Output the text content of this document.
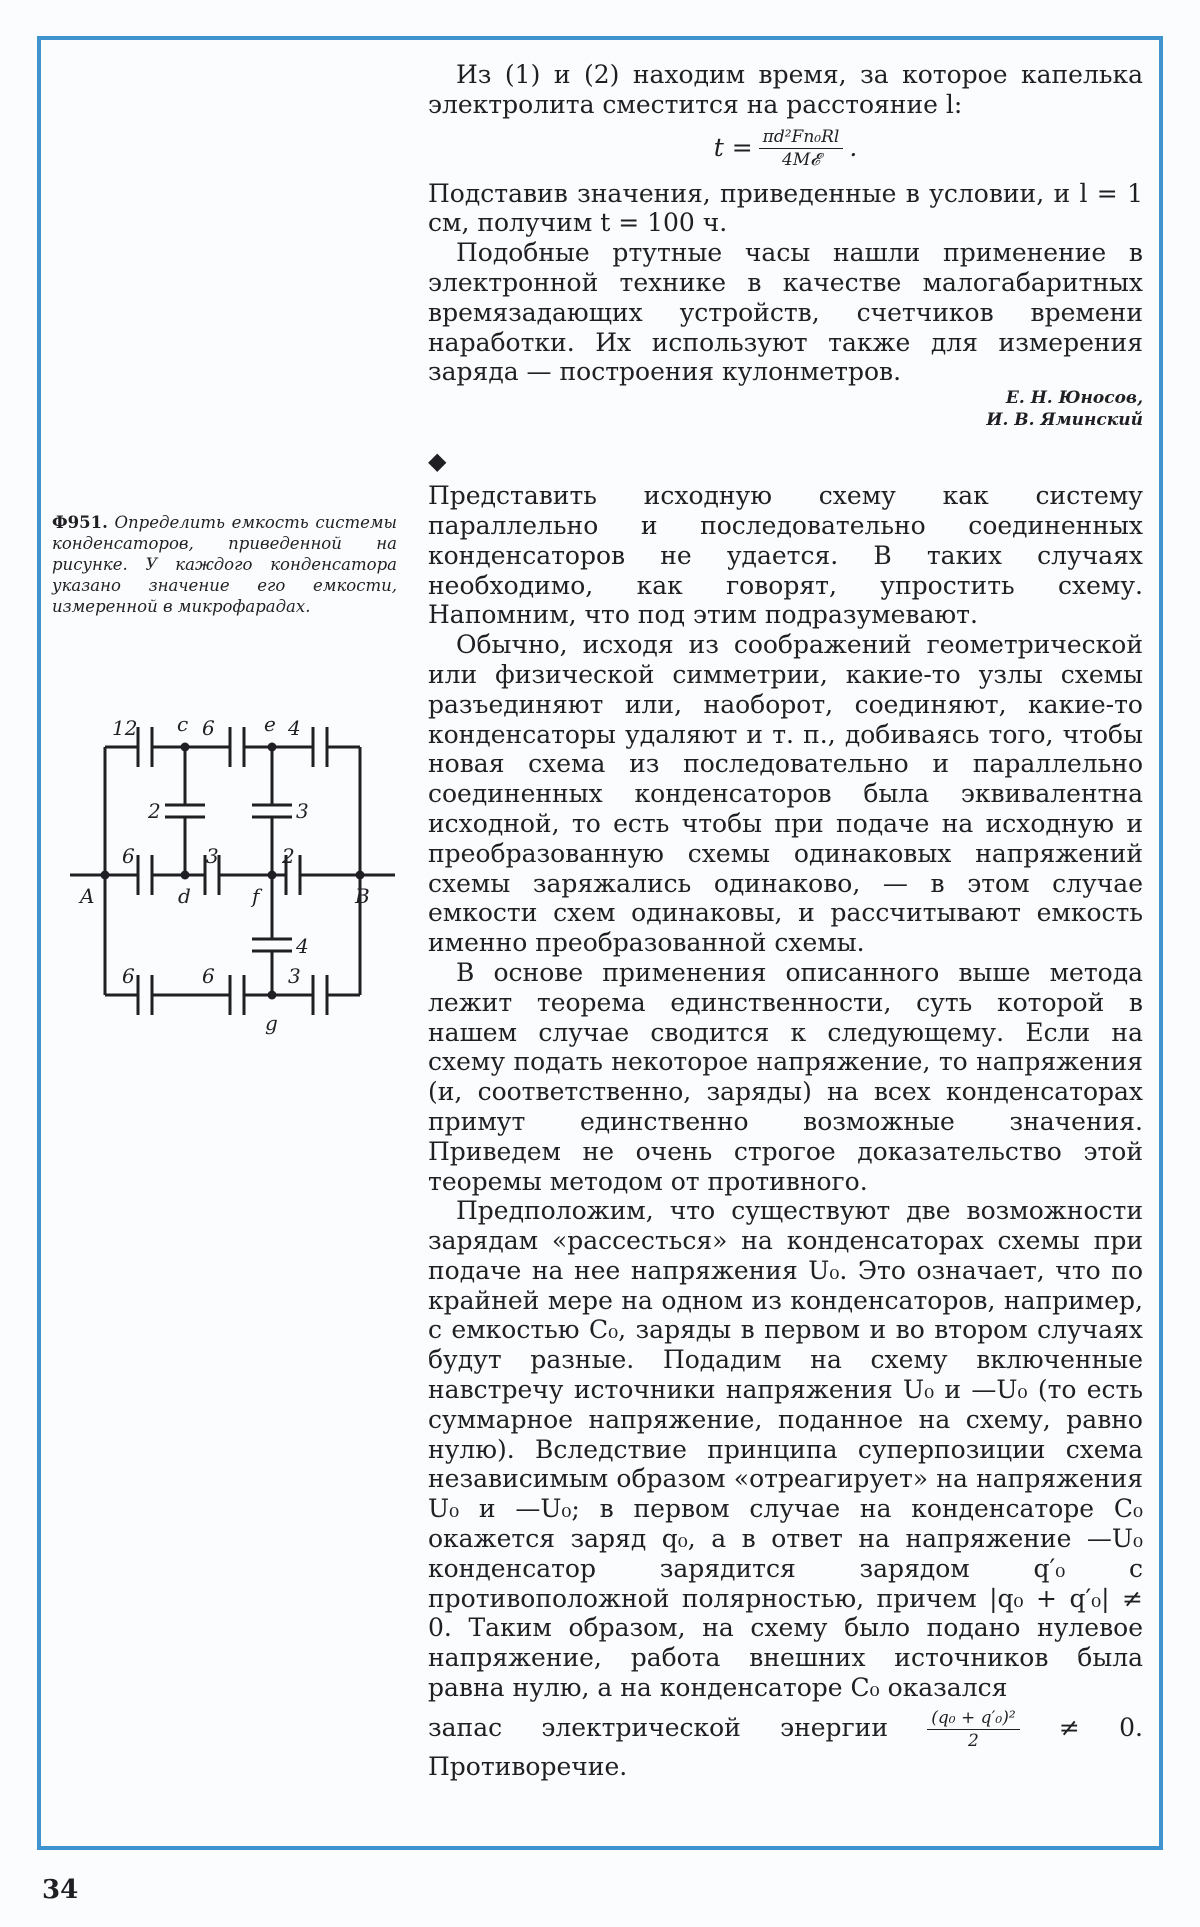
Из (1) и (2) находим время, за которое капелька электролита сместится на расстояние l:

$t = \frac{\text{πd²Fn₀Rl}}{\text{4M𝓔}}$ .

Подставив значения, приведенные в условии, и l = 1 см, получим t = 100 ч.

Подобные ртутные часы нашли применение в электронной технике в качестве малогабаритных времязадающих устройств, счетчиков времени наработки. Их используют также для измерения заряда — построения кулонметров.

Е. Н. Юносов,
И. В. Яминский
◆

Представить исходную схему как систему параллельно и последовательно соединенных конденсаторов не удается. В таких случаях необходимо, как говорят, упростить схему. Напомним, что под этим подразумевают.

Обычно, исходя из соображений геометрической или физической симметрии, какие-то узлы схемы разъединяют или, наоборот, соединяют, какие-то конденсаторы удаляют и т. п., добиваясь того, чтобы новая схема из последовательно и параллельно соединенных конденсаторов была эквивалентна исходной, то есть чтобы при подаче на исходную и преобразованную схемы одинаковых напряжений схемы заряжались одинаково, — в этом случае емкости схем одинаковы, и рассчитывают емкость именно преобразованной схемы.

В основе применения описанного выше метода лежит теорема единственности, суть которой в нашем случае сводится к следующему. Если на схему подать некоторое напряжение, то напряжения (и, соответственно, заряды) на всех конденсаторах примут единственно возможные значения. Приведем не очень строгое доказательство этой теоремы методом от противного.

Предположим, что существуют две возможности зарядам «рассесться» на конденсаторах схемы при подаче на нее напряжения U₀. Это означает, что по крайней мере на одном из конденсаторов, например, с емкостью C₀, заряды в первом и во втором случаях будут разные. Подадим на схему включенные навстречу источники напряжения U₀ и —U₀ (то есть суммарное напряжение, поданное на схему, равно нулю). Вследствие принципа суперпозиции схема независимым образом «отреагирует» на напряжения U₀ и —U₀; в первом случае на конденсаторе C₀ окажется заряд q₀, а в ответ на напряжение —U₀ конденсатор зарядится зарядом q′₀ с противоположной полярностью, причем |q₀ + q′₀| ≠ 0. Таким образом, на схему было подано нулевое напряжение, работа внешних источников была равна нулю, а на конденсаторе C₀ оказался

запас электрической энергии $\frac{\text{(q₀ + q′₀)²}}{2} \ne 0$. Противоречие.

Ф951. Определить емкость системы конденсаторов, приведенной на рисунке. У каждого конденсатора указано значение его емкости, измеренной в микрофарадах.
12 c 6 e 4
2	3
6	3	2
A	d	f	B
4
6	6	3
g
34
